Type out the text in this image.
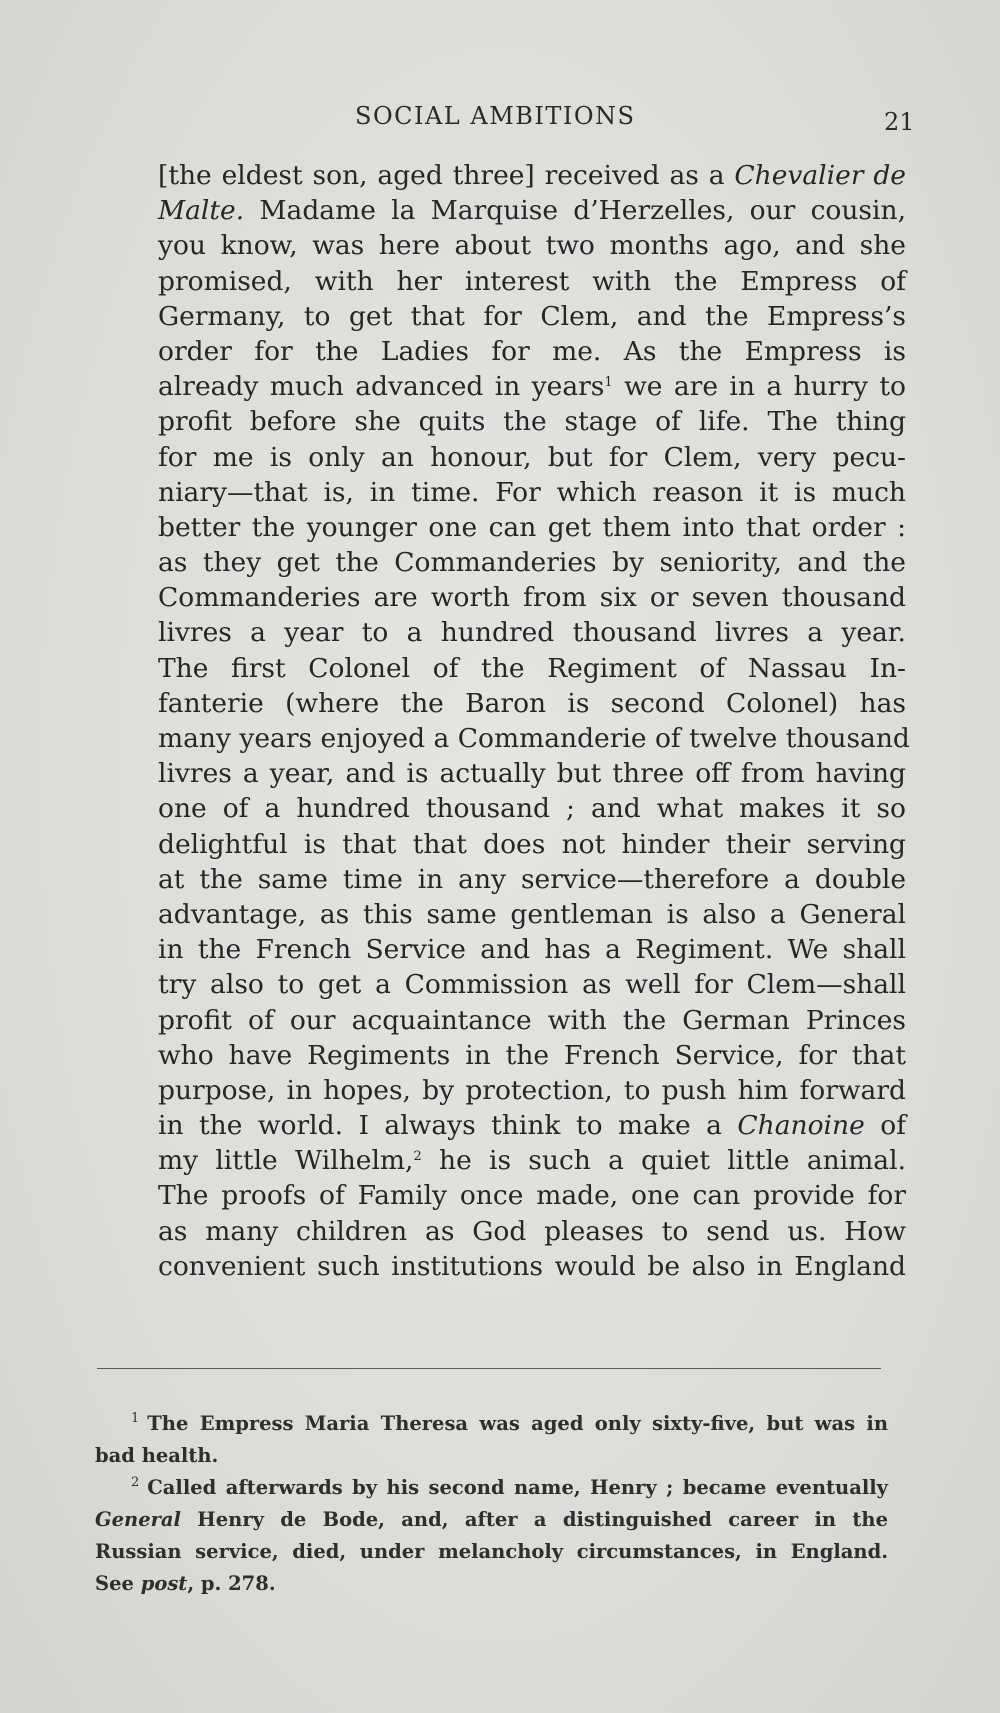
SOCIAL AMBITIONS	21
[the eldest son, aged three] received as a Chevalier de
Malte. Madame la Marquise d’Herzelles, our cousin,
you know, was here about two months ago, and she
promised, with her interest with the Empress of
Germany, to get that for Clem, and the Empress’s
order for the Ladies for me. As the Empress is
already much advanced in years$^1$ we are in a hurry to
profit before she quits the stage of life. The thing
for me is only an honour, but for Clem, very pecu-
niary—that is, in time. For which reason it is much
better the younger one can get them into that order :
as they get the Commanderies by seniority, and the
Commanderies are worth from six or seven thousand
livres a year to a hundred thousand livres a year.
The first Colonel of the Regiment of Nassau In-
fanterie (where the Baron is second Colonel) has
many years enjoyed a Commanderie of twelve thousand
livres a year, and is actually but three off from having
one of a hundred thousand ; and what makes it so
delightful is that that does not hinder their serving
at the same time in any service—therefore a double
advantage, as this same gentleman is also a General
in the French Service and has a Regiment. We shall
try also to get a Commission as well for Clem—shall
profit of our acquaintance with the German Princes
who have Regiments in the French Service, for that
purpose, in hopes, by protection, to push him forward
in the world. I always think to make a Chanoine of
my little Wilhelm,$^2$ he is such a quiet little animal.
The proofs of Family once made, one can provide for
as many children as God pleases to send us. How
convenient such institutions would be also in England
$^1$ The Empress Maria Theresa was aged only sixty-five, but was in
bad health.
$^2$ Called afterwards by his second name, Henry ; became eventually
General Henry de Bode, and, after a distinguished career in the
Russian service, died, under melancholy circumstances, in England.
See post, p. 278.
